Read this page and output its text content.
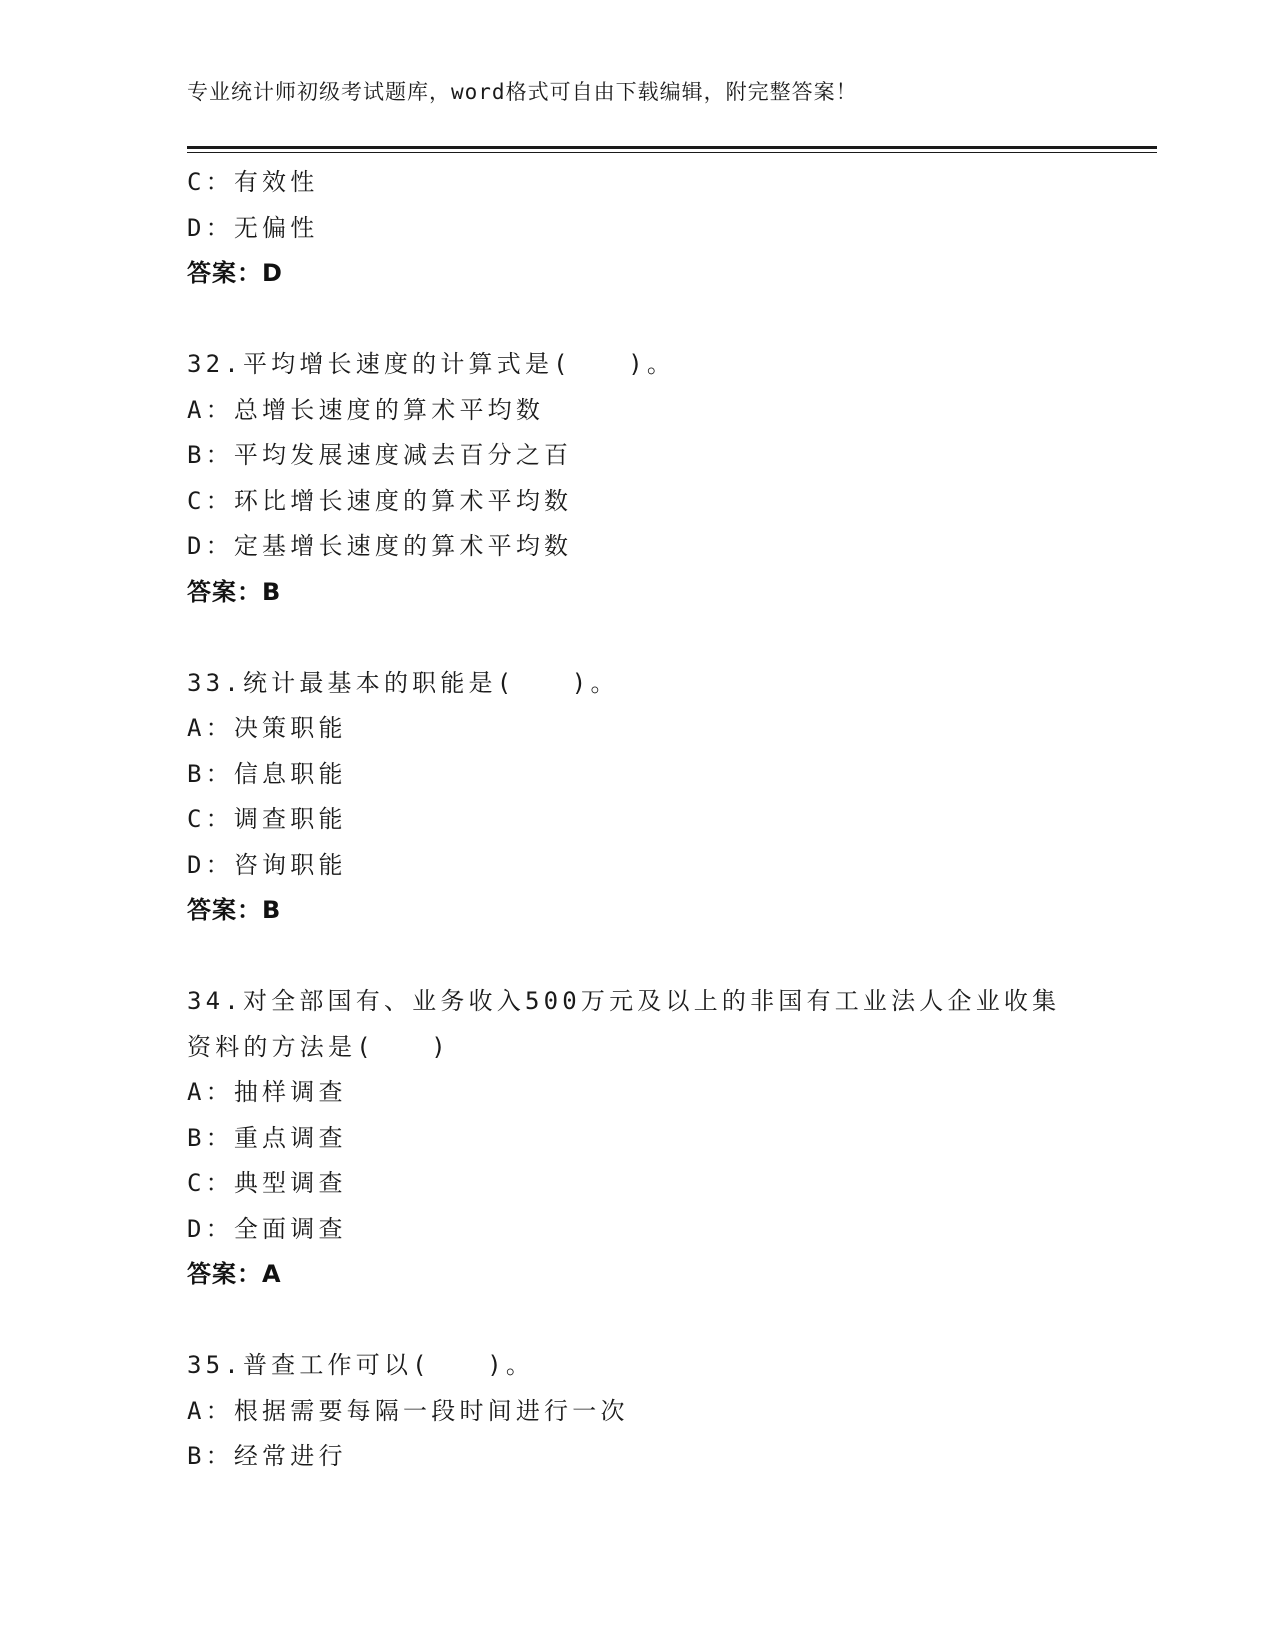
专业统计师初级考试题库，word格式可自由下载编辑，附完整答案！
C：有效性
D：无偏性
答案：D
32.平均增长速度的计算式是(　　)。
A：总增长速度的算术平均数
B：平均发展速度减去百分之百
C：环比增长速度的算术平均数
D：定基增长速度的算术平均数
答案：B
33.统计最基本的职能是(　　)。
A：决策职能
B：信息职能
C：调查职能
D：咨询职能
答案：B
34.对全部国有、业务收入500万元及以上的非国有工业法人企业收集
资料的方法是(　　)
A：抽样调查
B：重点调查
C：典型调查
D：全面调查
答案：A
35.普查工作可以(　　)。
A：根据需要每隔一段时间进行一次
B：经常进行
